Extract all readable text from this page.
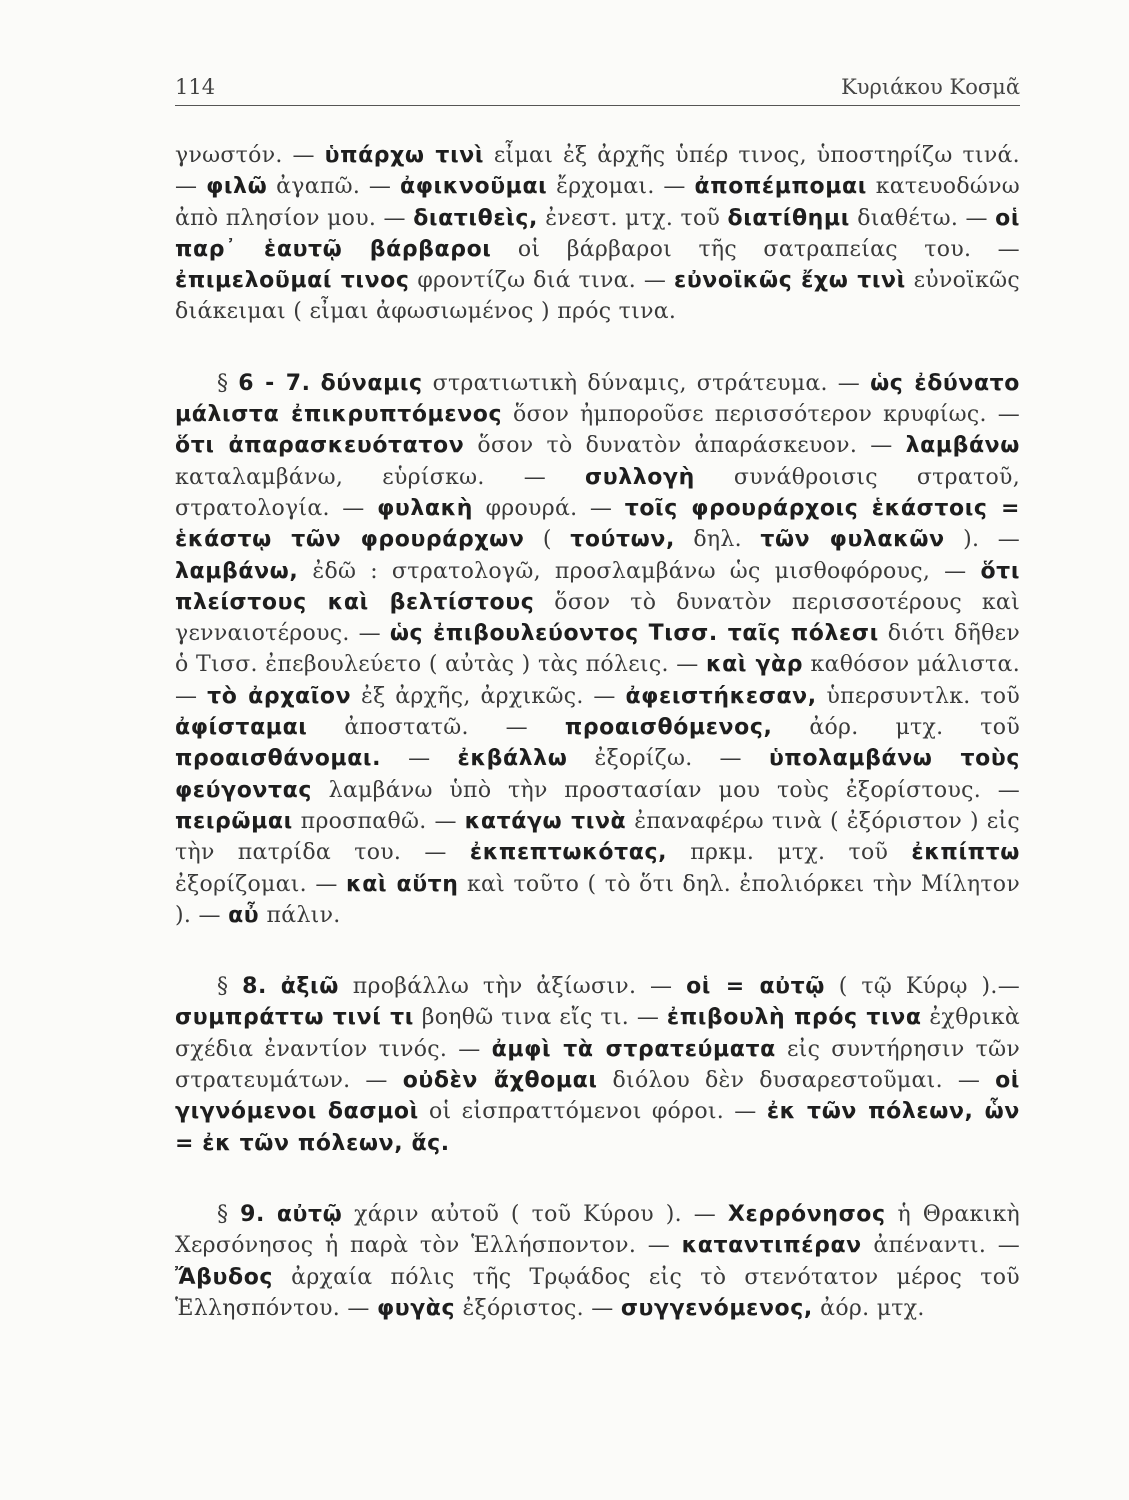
114	Κυριάκου Κοσμᾶ

γνωστόν. — ὑπάρχω τινὶ εἶμαι ἐξ ἀρχῆς ὑπέρ τινος, ὑποστηρίζω τινά. — φιλῶ ἀγαπῶ. — ἀφικνοῦμαι ἔρχομαι. — ἀποπέμπομαι κατευοδώνω ἀπὸ πλησίον μου. — διατιθεὶς, ἐνεστ. μτχ. τοῦ διατίθημι διαθέτω. — οἱ παρ᾽ ἑαυτῷ βάρβαροι οἱ βάρβαροι τῆς σατραπείας του. — ἐπιμελοῦμαί τινος φροντίζω διά τινα. — εὐνοϊκῶς ἔχω τινὶ εὐνοϊκῶς διάκειμαι ( εἶμαι ἀφωσιωμένος ) πρός τινα.

§ 6 - 7. δύναμις στρατιωτικὴ δύναμις, στράτευμα. — ὡς ἐδύνατο μάλιστα ἐπικρυπτόμενος ὅσον ἠμποροῦσε περισσότερον κρυφίως. — ὅτι ἀπαρασκευότατον ὅσον τὸ δυνατὸν ἀπαράσκευον. — λαμβάνω καταλαμβάνω, εὑρίσκω. — συλλογὴ συνάθροισις στρατοῦ, στρατολογία. — φυλακὴ φρουρά. — τοῖς φρουράρχοις ἑκάστοις = ἑκάστῳ τῶν φρουράρχων ( τούτων, δηλ. τῶν φυλακῶν ). — λαμβάνω, ἐδῶ : στρατολογῶ, προσλαμβάνω ὡς μισθοφόρους, — ὅτι πλείστους καὶ βελτίστους ὅσον τὸ δυνατὸν περισσοτέρους καὶ γενναιοτέρους. — ὡς ἐπιβουλεύοντος Τισσ. ταῖς πόλεσι διότι δῆθεν ὁ Τισσ. ἐπεβουλεύετο ( αὐτὰς ) τὰς πόλεις. — καὶ γὰρ καθόσον μάλιστα. — τὸ ἀρχαῖον ἐξ ἀρχῆς, ἀρχικῶς. — ἀφειστήκεσαν, ὑπερσυντλκ. τοῦ ἀφίσταμαι ἀποστατῶ. — προαισθόμενος, ἀόρ. μτχ. τοῦ προαισθάνομαι. — ἐκβάλλω ἐξορίζω. — ὑπολαμβάνω τοὺς φεύγοντας λαμβάνω ὑπὸ τὴν προστασίαν μου τοὺς ἐξορίστους. — πειρῶμαι προσπαθῶ. — κατάγω τινὰ ἐπαναφέρω τινὰ ( ἐξόριστον ) εἰς τὴν πατρίδα του. — ἐκπεπτωκότας, πρκμ. μτχ. τοῦ ἐκπίπτω ἐξορίζομαι. — καὶ αὕτη καὶ τοῦτο ( τὸ ὅτι δηλ. ἐπολιόρκει τὴν Μίλητον ). — αὖ πάλιν.

§ 8. ἀξιῶ προβάλλω τὴν ἀξίωσιν. — οἱ = αὐτῷ ( τῷ Κύρῳ ).— συμπράττω τινί τι βοηθῶ τινα εἴς τι. — ἐπιβουλὴ πρός τινα ἐχθρικὰ σχέδια ἐναντίον τινός. — ἀμφὶ τὰ στρατεύματα εἰς συντήρησιν τῶν στρατευμάτων. — οὐδὲν ἄχθομαι διόλου δὲν δυσαρεστοῦμαι. — οἱ γιγνόμενοι δασμοὶ οἱ εἰσπραττόμενοι φόροι. — ἐκ τῶν πόλεων, ὧν = ἐκ τῶν πόλεων, ἅς.

§ 9. αὐτῷ χάριν αὐτοῦ ( τοῦ Κύρου ). — Χερρόνησος ἡ Θρακικὴ Χερσόνησος ἡ παρὰ τὸν Ἑλλήσποντον. — καταντιπέραν ἀπέναντι. — Ἄβυδος ἀρχαία πόλις τῆς Τρῳάδος εἰς τὸ στενότατον μέρος τοῦ Ἑλλησπόντου. — φυγὰς ἐξόριστος. — συγγενόμενος, ἀόρ. μτχ.
